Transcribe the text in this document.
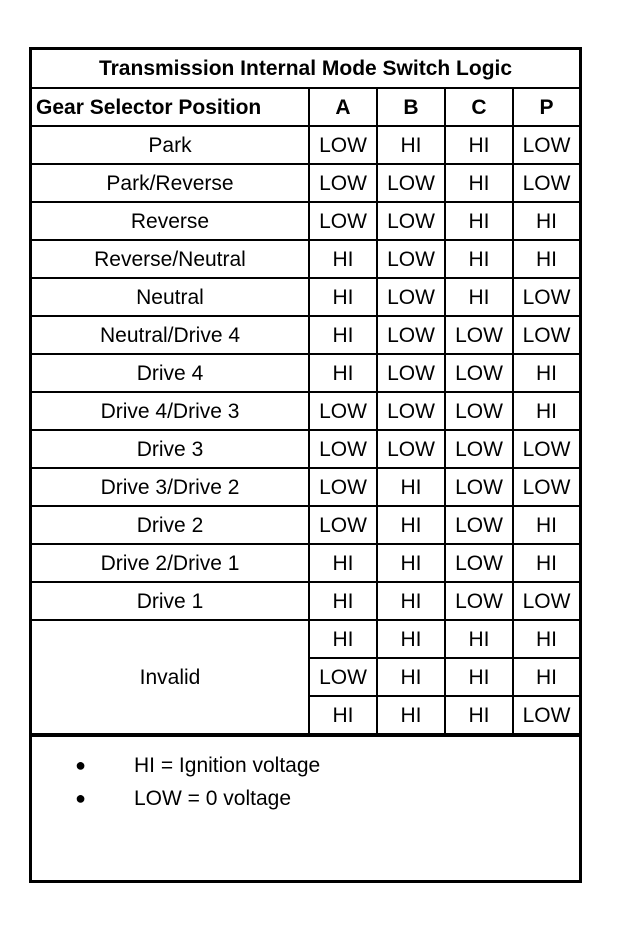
Transmission Internal Mode Switch Logic				
Gear Selector Position	A	B	C	P
Park	LOW	HI	HI	LOW
Park/Reverse	LOW	LOW	HI	LOW
Reverse	LOW	LOW	HI	HI
Reverse/Neutral	HI	LOW	HI	HI
Neutral	HI	LOW	HI	LOW
Neutral/Drive 4	HI	LOW	LOW	LOW
Drive 4	HI	LOW	LOW	HI
Drive 4/Drive 3	LOW	LOW	LOW	HI
Drive 3	LOW	LOW	LOW	LOW
Drive 3/Drive 2	LOW	HI	LOW	LOW
Drive 2	LOW	HI	LOW	HI
Drive 2/Drive 1	HI	HI	LOW	HI
Drive 1	HI	HI	LOW	LOW
Invalid	HI	HI	HI	HI
	LOW	HI	HI	HI
	HI	HI	HI	LOW
●	HI = Ignition voltage
●	LOW = 0 voltage
